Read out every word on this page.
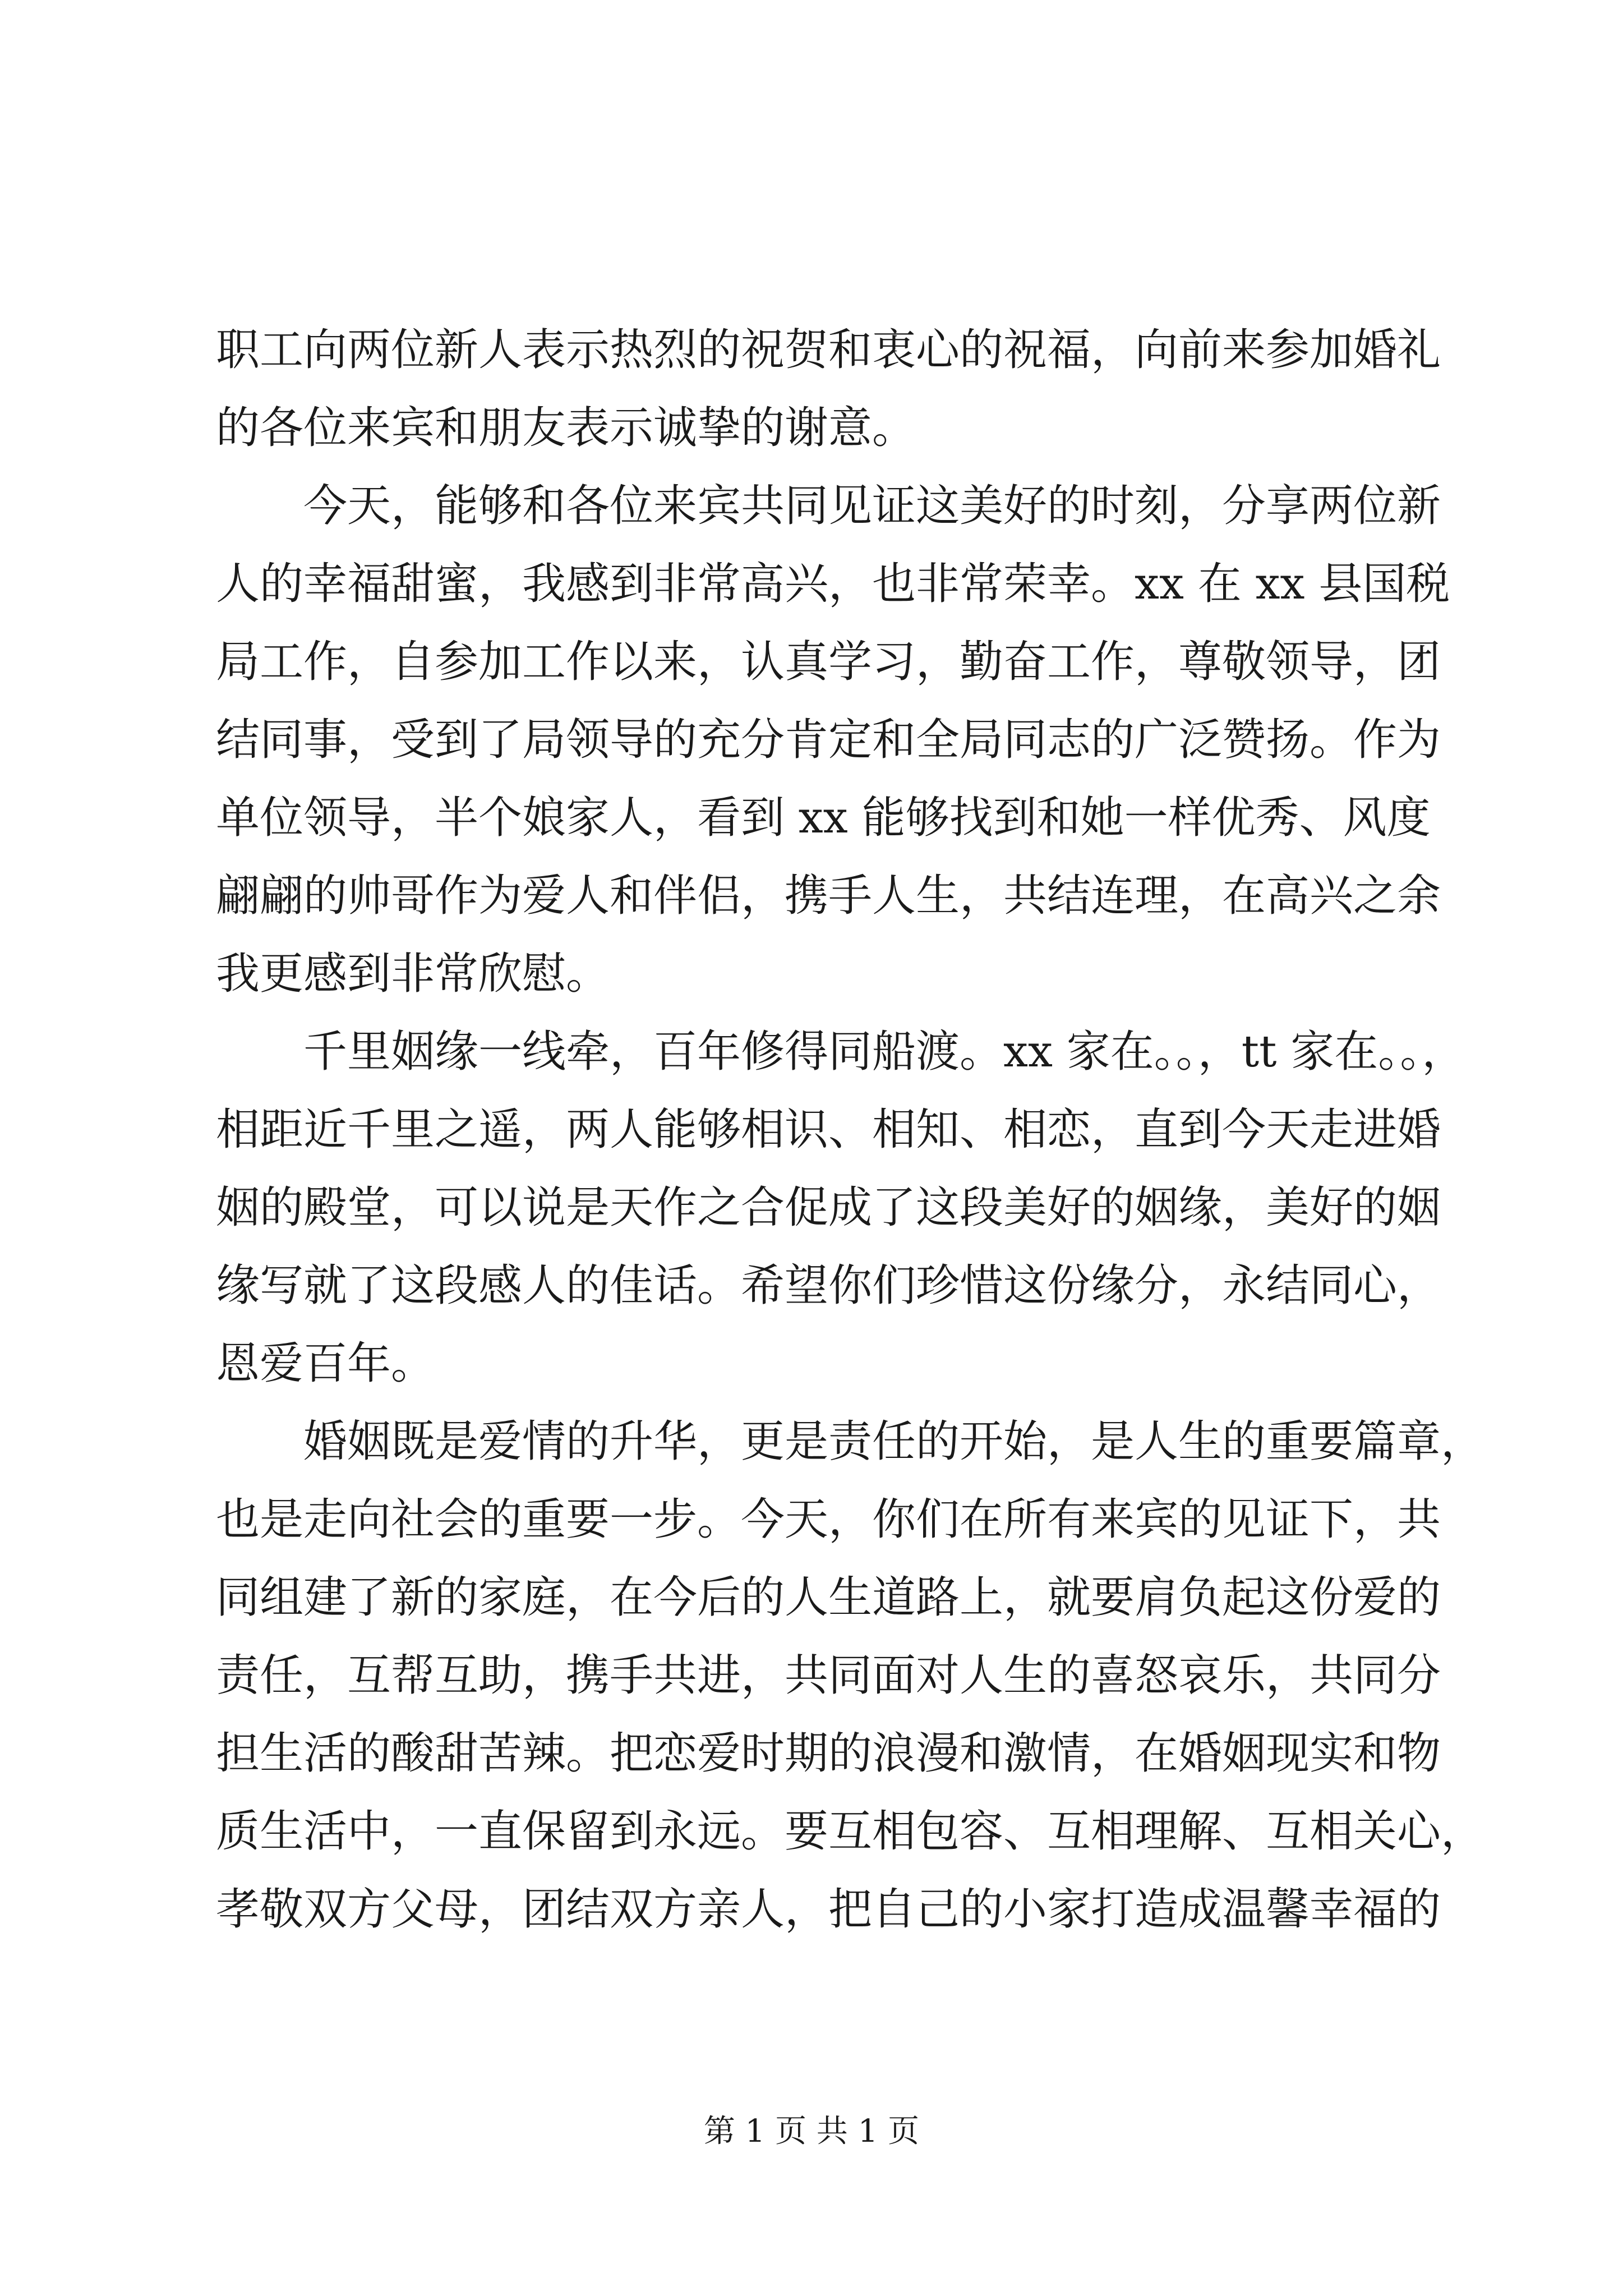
职工向两位新人表示热烈的祝贺和衷心的祝福，向前来参加婚礼
的各位来宾和朋友表示诚挚的谢意。
今天，能够和各位来宾共同见证这美好的时刻，分享两位新
人的幸福甜蜜，我感到非常高兴，也非常荣幸。xx 在 xx 县国税
局工作，自参加工作以来，认真学习，勤奋工作，尊敬领导，团
结同事，受到了局领导的充分肯定和全局同志的广泛赞扬。作为
单位领导，半个娘家人，看到 xx 能够找到和她一样优秀、风度
翩翩的帅哥作为爱人和伴侣，携手人生，共结连理，在高兴之余
我更感到非常欣慰。
千里姻缘一线牵，百年修得同船渡。xx 家在。。，tt 家在。。，
相距近千里之遥，两人能够相识、相知、相恋，直到今天走进婚
姻的殿堂，可以说是天作之合促成了这段美好的姻缘，美好的姻
缘写就了这段感人的佳话。希望你们珍惜这份缘分，永结同心，
恩爱百年。
婚姻既是爱情的升华，更是责任的开始，是人生的重要篇章，
也是走向社会的重要一步。今天，你们在所有来宾的见证下，共
同组建了新的家庭，在今后的人生道路上，就要肩负起这份爱的
责任，互帮互助，携手共进，共同面对人生的喜怒哀乐，共同分
担生活的酸甜苦辣。把恋爱时期的浪漫和激情，在婚姻现实和物
质生活中，一直保留到永远。要互相包容、互相理解、互相关心，
孝敬双方父母，团结双方亲人，把自己的小家打造成温馨幸福的
第 1 页 共 1 页
